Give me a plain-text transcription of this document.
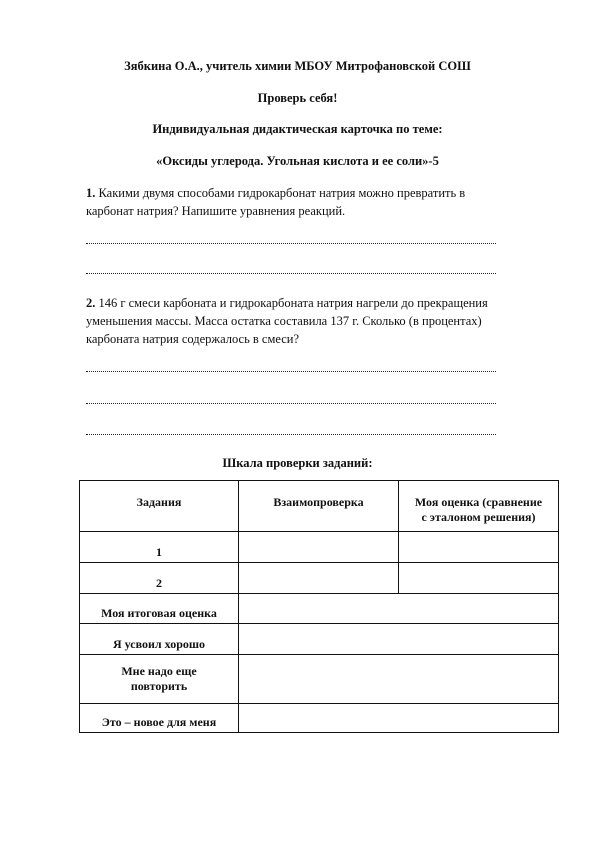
Зябкина О.А., учитель химии МБОУ Митрофановской СОШ
Проверь себя!
Индивидуальная дидактическая карточка по теме:
«Оксиды углерода. Угольная кислота и ее соли»-5
1. Какими двумя способами гидрокарбонат натрия можно превратить в
карбонат натрия? Напишите уравнения реакций.
2. 146 г смеси карбоната и гидрокарбоната натрия нагрели до прекращения
уменьшения массы. Масса остатка составила 137 г. Сколько (в процентах)
карбоната натрия содержалось в смеси?
Шкала проверки заданий:
Задания	Взаимопроверка	Моя оценка (сравнение
с эталоном решения)
1		
2		
Моя итоговая оценка		
Я усвоил хорошо		
Мне надо еще
повторить		
Это – новое для меня		
